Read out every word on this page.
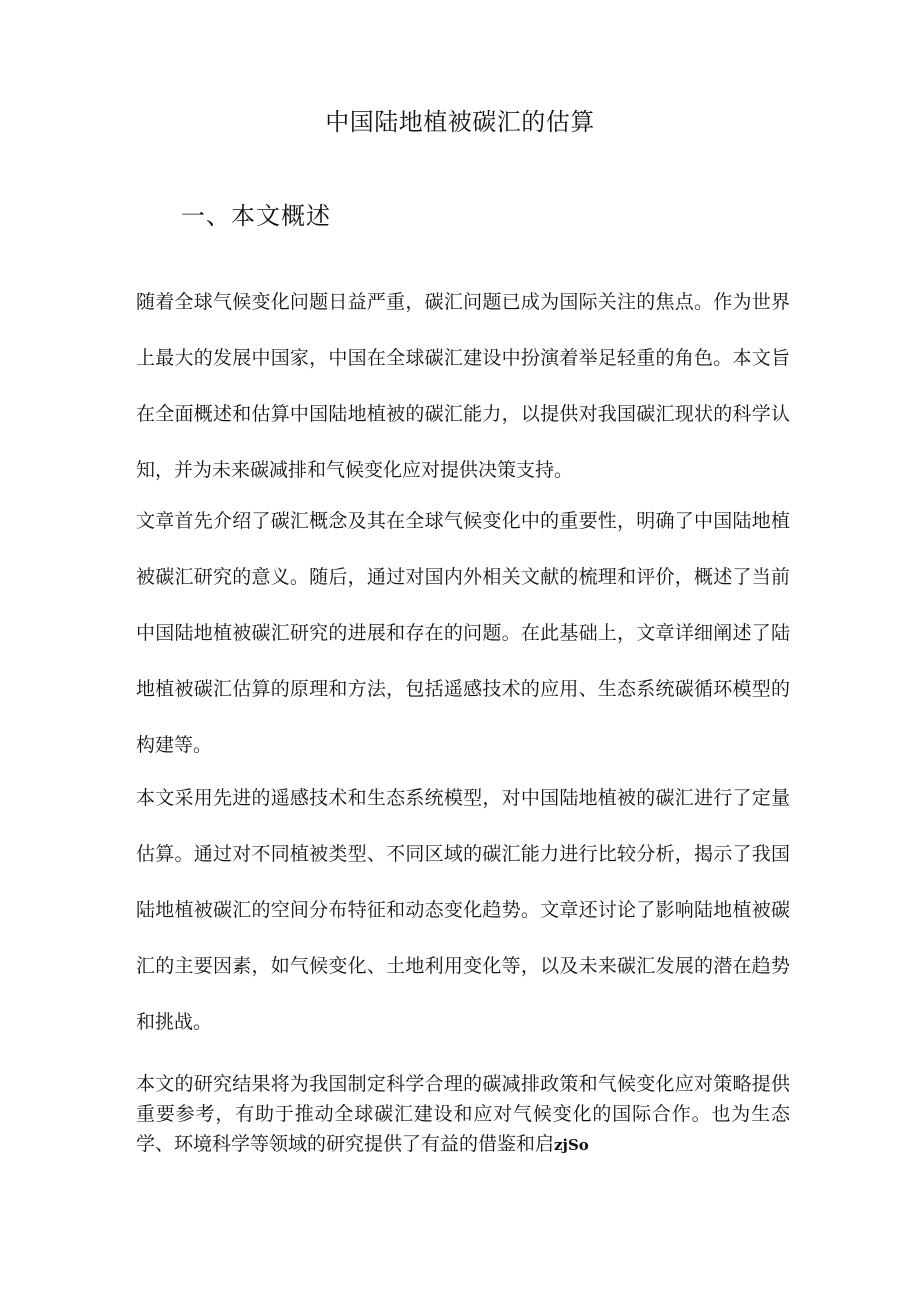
中国陆地植被碳汇的估算
一、本文概述

随着全球气候变化问题日益严重，碳汇问题已成为国际关注的焦点。作为世界上最大的发展中国家，中国在全球碳汇建设中扮演着举足轻重的角色。本文旨在全面概述和估算中国陆地植被的碳汇能力，以提供对我国碳汇现状的科学认知，并为未来碳减排和气候变化应对提供决策支持。

文章首先介绍了碳汇概念及其在全球气候变化中的重要性，明确了中国陆地植被碳汇研究的意义。随后，通过对国内外相关文献的梳理和评价，概述了当前中国陆地植被碳汇研究的进展和存在的问题。在此基础上，文章详细阐述了陆地植被碳汇估算的原理和方法，包括遥感技术的应用、生态系统碳循环模型的构建等。

本文采用先进的遥感技术和生态系统模型，对中国陆地植被的碳汇进行了定量估算。通过对不同植被类型、不同区域的碳汇能力进行比较分析，揭示了我国陆地植被碳汇的空间分布特征和动态变化趋势。文章还讨论了影响陆地植被碳汇的主要因素，如气候变化、土地利用变化等，以及未来碳汇发展的潜在趋势和挑战。

本文的研究结果将为我国制定科学合理的碳减排政策和气候变化应对策略提供重要参考，有助于推动全球碳汇建设和应对气候变化的国际合作。也为生态学、环境科学等领域的研究提供了有益的借鉴和启zjSo
